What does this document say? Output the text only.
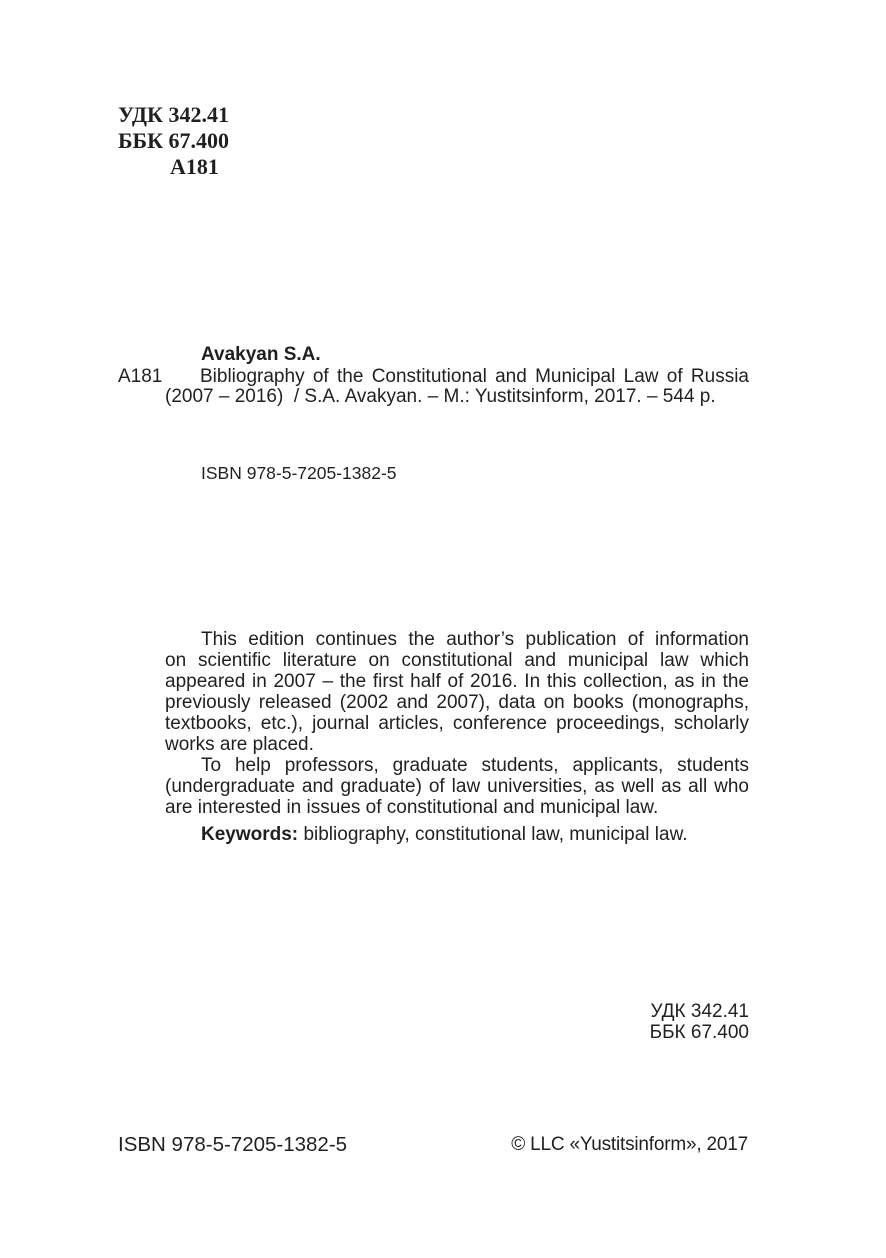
УДК 342.41
ББК 67.400
A181
Avakyan S.A.
A181 Bibliography of the Constitutional and Municipal Law of Russia
(2007 – 2016)  / S.A. Avakyan. – M.: Yustitsinform, 2017. – 544 p.
ISBN 978-5-7205-1382-5
This edition continues the author’s publication of information
on scientific literature on constitutional and municipal law which
appeared in 2007 – the first half of 2016. In this collection, as in the
previously released (2002 and 2007), data on books (monographs,
textbooks, etc.), journal articles, conference proceedings, scholarly
works are placed.
To help professors, graduate students, applicants, students
(undergraduate and graduate) of law universities, as well as all who
are interested in issues of constitutional and municipal law.
Keywords: bibliography, constitutional law, municipal law.
УДК 342.41
ББК 67.400
ISBN 978-5-7205-1382-5	© LLC «Yustitsinform», 2017
